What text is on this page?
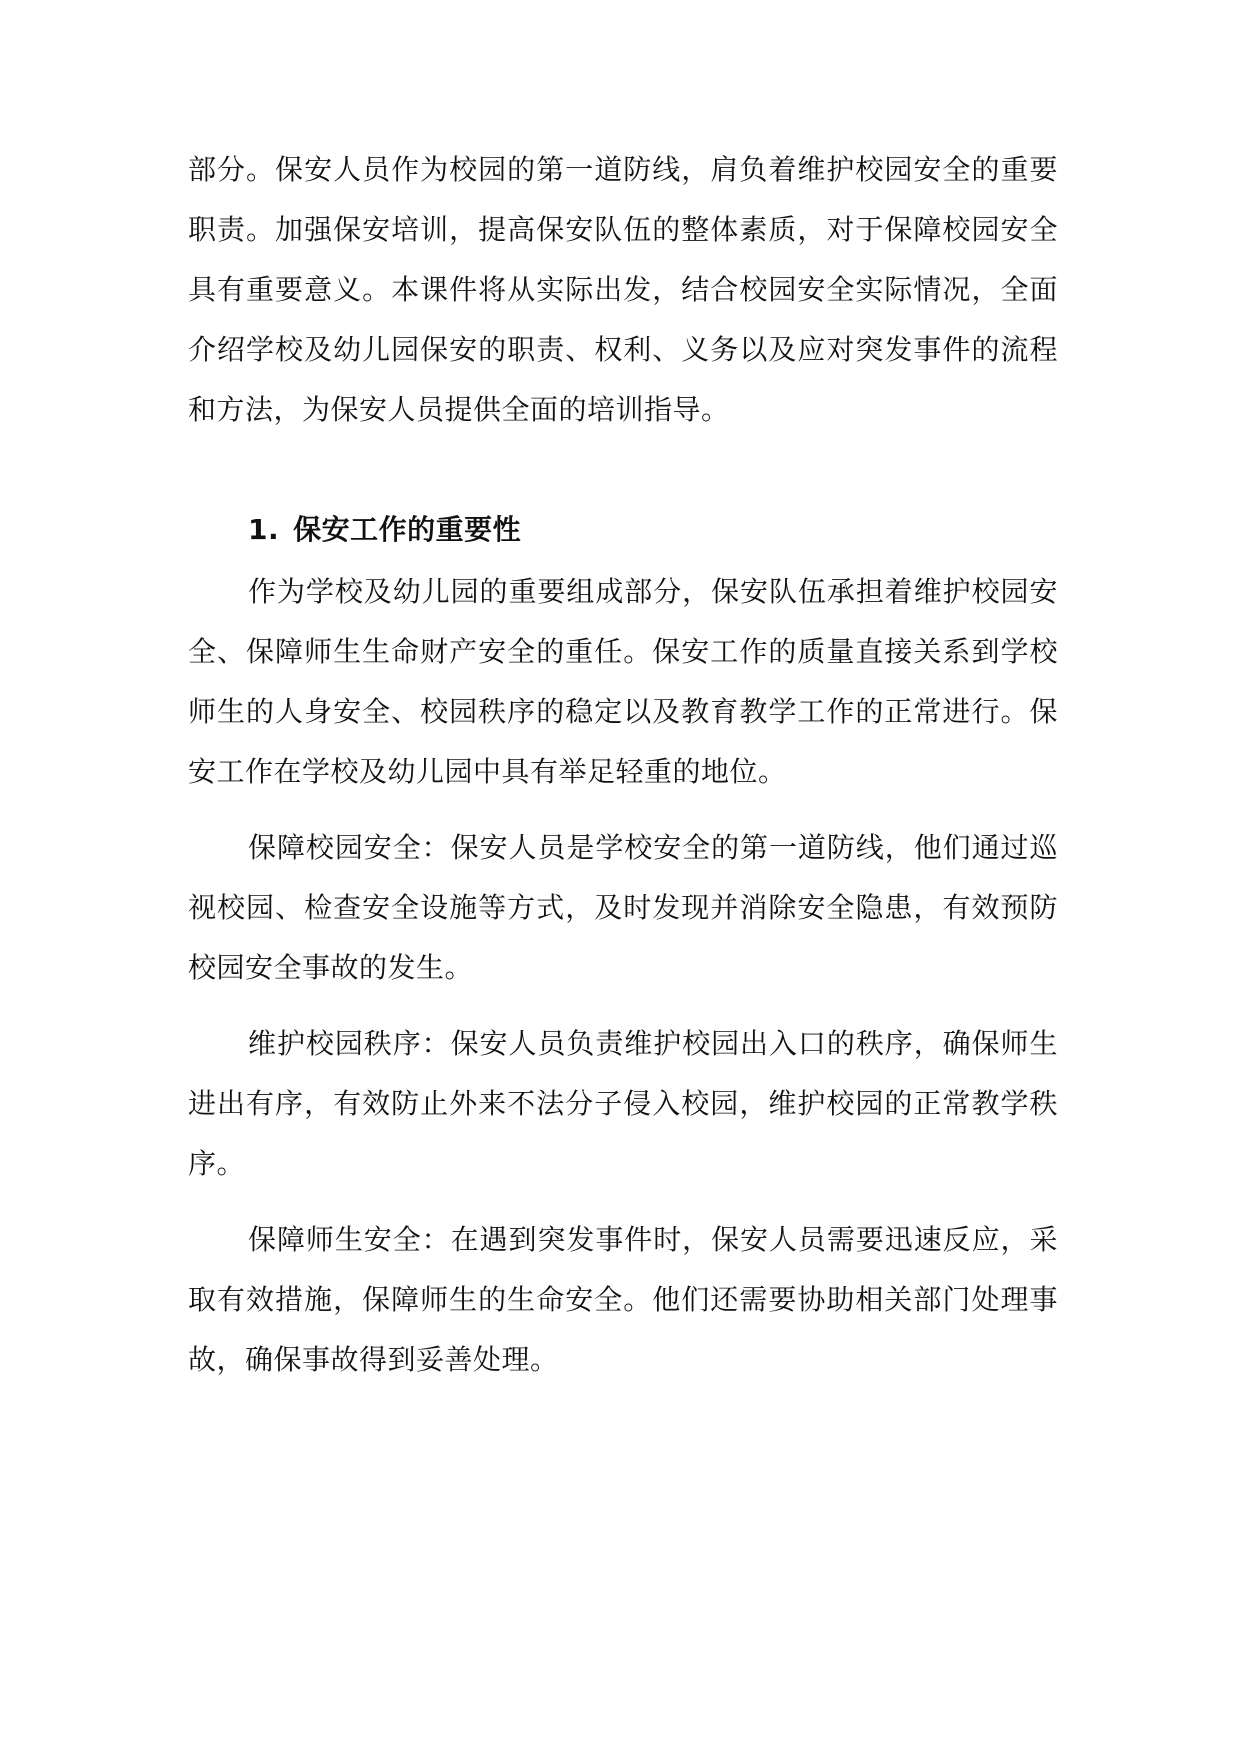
部分。保安人员作为校园的第一道防线，肩负着维护校园安全的重要职责。加强保安培训，提高保安队伍的整体素质，对于保障校园安全具有重要意义。本课件将从实际出发，结合校园安全实际情况，全面介绍学校及幼儿园保安的职责、权利、义务以及应对突发事件的流程和方法，为保安人员提供全面的培训指导。

1. 保安工作的重要性

作为学校及幼儿园的重要组成部分，保安队伍承担着维护校园安全、保障师生生命财产安全的重任。保安工作的质量直接关系到学校师生的人身安全、校园秩序的稳定以及教育教学工作的正常进行。保安工作在学校及幼儿园中具有举足轻重的地位。

保障校园安全：保安人员是学校安全的第一道防线，他们通过巡视校园、检查安全设施等方式，及时发现并消除安全隐患，有效预防校园安全事故的发生。

维护校园秩序：保安人员负责维护校园出入口的秩序，确保师生进出有序，有效防止外来不法分子侵入校园，维护校园的正常教学秩序。

保障师生安全：在遇到突发事件时，保安人员需要迅速反应，采取有效措施，保障师生的生命安全。他们还需要协助相关部门处理事故，确保事故得到妥善处理。
